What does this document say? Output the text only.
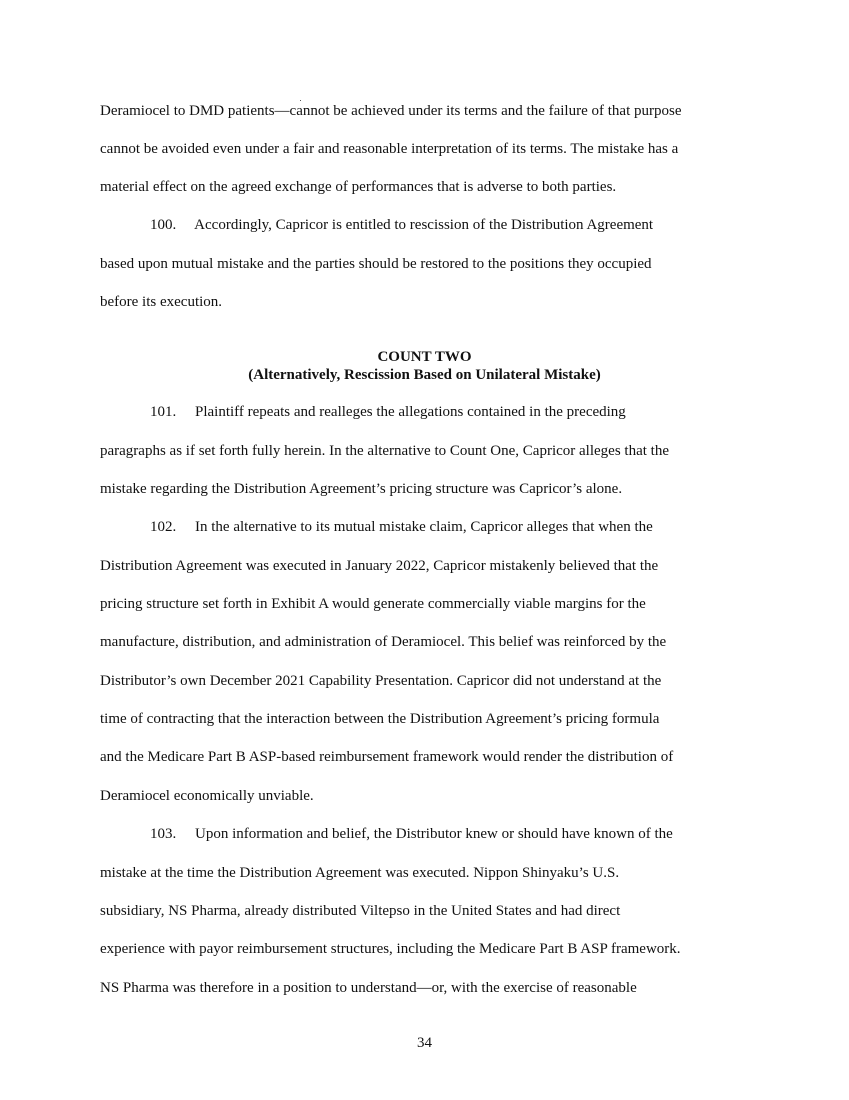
Deramiocel to DMD patients—cannot be achieved under its terms and the failure of that purpose
cannot be avoided even under a fair and reasonable interpretation of its terms. The mistake has a
material effect on the agreed exchange of performances that is adverse to both parties.
100.  Accordingly, Capricor is entitled to rescission of the Distribution Agreement
based upon mutual mistake and the parties should be restored to the positions they occupied
before its execution.
COUNT TWO
(Alternatively, Rescission Based on Unilateral Mistake)
101.  Plaintiff repeats and realleges the allegations contained in the preceding
paragraphs as if set forth fully herein. In the alternative to Count One, Capricor alleges that the
mistake regarding the Distribution Agreement’s pricing structure was Capricor’s alone.
102.  In the alternative to its mutual mistake claim, Capricor alleges that when the
Distribution Agreement was executed in January 2022, Capricor mistakenly believed that the
pricing structure set forth in Exhibit A would generate commercially viable margins for the
manufacture, distribution, and administration of Deramiocel. This belief was reinforced by the
Distributor’s own December 2021 Capability Presentation. Capricor did not understand at the
time of contracting that the interaction between the Distribution Agreement’s pricing formula
and the Medicare Part B ASP-based reimbursement framework would render the distribution of
Deramiocel economically unviable.
103.  Upon information and belief, the Distributor knew or should have known of the
mistake at the time the Distribution Agreement was executed. Nippon Shinyaku’s U.S.
subsidiary, NS Pharma, already distributed Viltepso in the United States and had direct
experience with payor reimbursement structures, including the Medicare Part B ASP framework.
NS Pharma was therefore in a position to understand—or, with the exercise of reasonable
34
